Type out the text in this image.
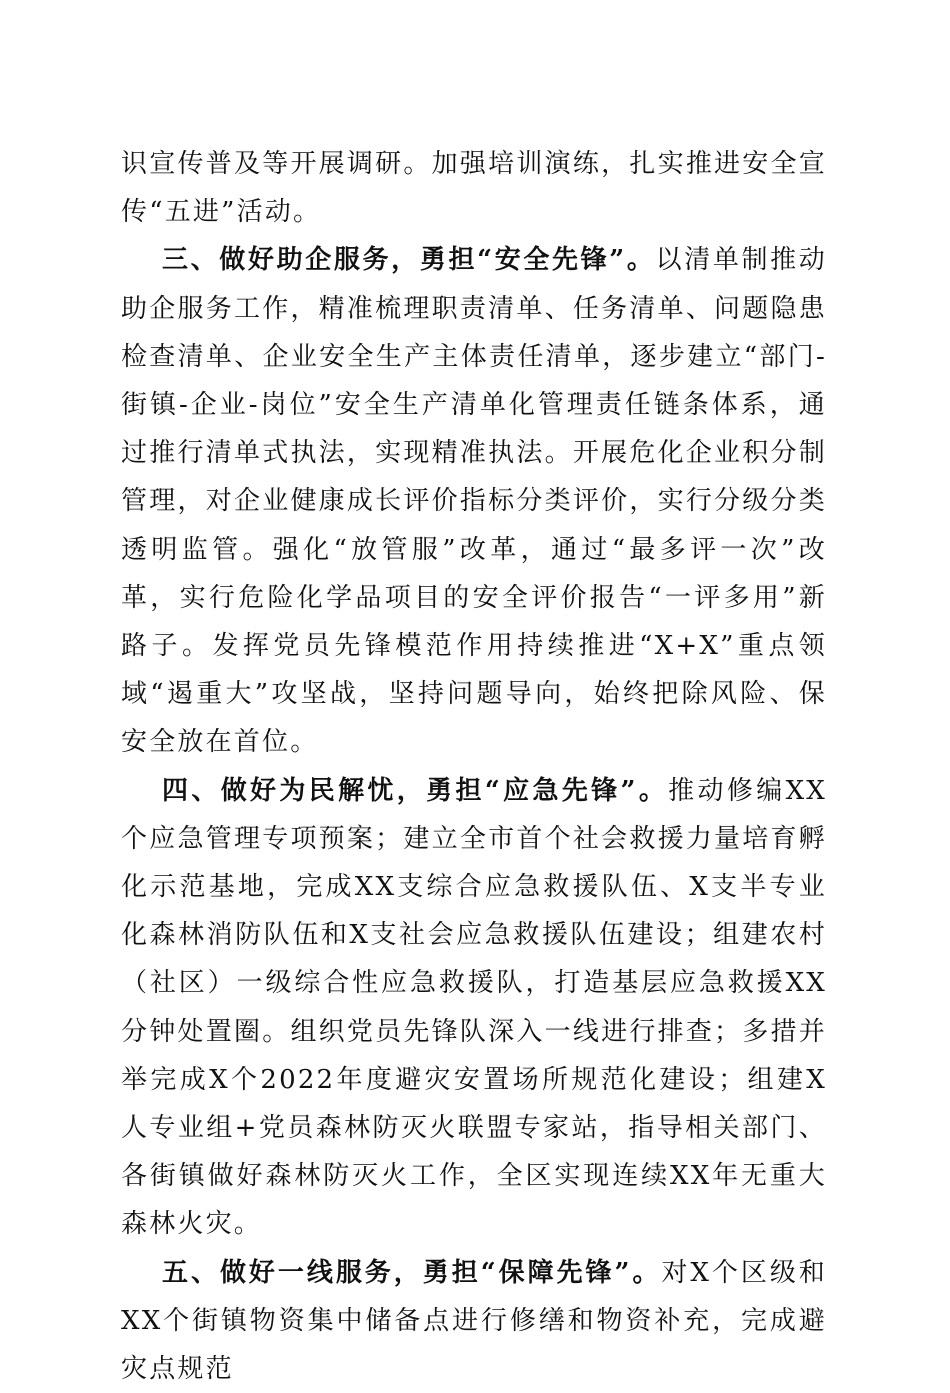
识宣传普及等开展调研。加强培训演练，扎实推进安全宣传“五进”活动。

三、做好助企服务，勇担“安全先锋”。以清单制推动助企服务工作，精准梳理职责清单、任务清单、问题隐患检查清单、企业安全生产主体责任清单，逐步建立“部门-街镇-企业-岗位”安全生产清单化管理责任链条体系，通过推行清单式执法，实现精准执法。开展危化企业积分制管理，对企业健康成长评价指标分类评价，实行分级分类透明监管。强化“放管服”改革，通过“最多评一次”改革，实行危险化学品项目的安全评价报告“一评多用”新路子。发挥党员先锋模范作用持续推进“X+X”重点领域“遏重大”攻坚战，坚持问题导向，始终把除风险、保安全放在首位。

四、做好为民解忧，勇担“应急先锋”。推动修编XX个应急管理专项预案；建立全市首个社会救援力量培育孵化示范基地，完成XX支综合应急救援队伍、X支半专业化森林消防队伍和X支社会应急救援队伍建设；组建农村（社区）一级综合性应急救援队，打造基层应急救援XX分钟处置圈。组织党员先锋队深入一线进行排查；多措并举完成X个2022年度避灾安置场所规范化建设；组建X人专业组+党员森林防灭火联盟专家站，指导相关部门、各街镇做好森林防灭火工作，全区实现连续XX年无重大森林火灾。

五、做好一线服务，勇担“保障先锋”。对X个区级和XX个街镇物资集中储备点进行修缮和物资补充，完成避灾点规范
